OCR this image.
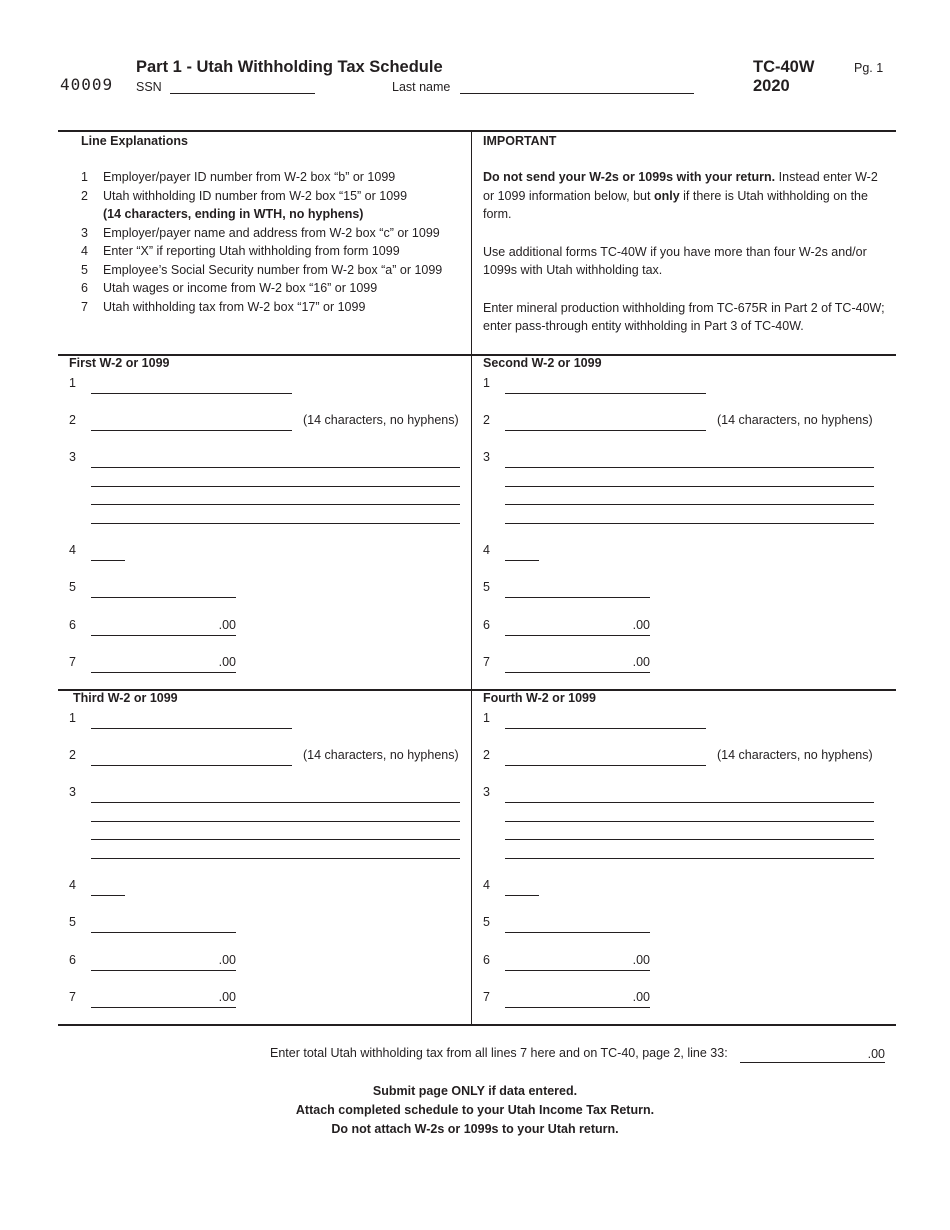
Part 1 - Utah Withholding Tax Schedule
40009 SSN	Last name
TC-40W
2020
Pg. 1
Line Explanations
1	Employer/payer ID number from W-2 box “b” or 1099
2	Utah withholding ID number from W-2 box “15” or 1099
(14 characters, ending in WTH, no hyphens)
3	Employer/payer name and address from W-2 box “c” or 1099
4	Enter “X” if reporting Utah withholding from form 1099
5	Employee’s Social Security number from W-2 box “a” or 1099
6	Utah wages or income from W-2 box “16” or 1099
7	Utah withholding tax from W-2 box “17” or 1099
IMPORTANT

Do not send your W-2s or 1099s with your return. Instead enter W-2 or 1099 information below, but only if there is Utah withholding on the form.

Use additional forms TC-40W if you have more than four W-2s and/or 1099s with Utah withholding tax.

Enter mineral production withholding from TC-675R in Part 2 of TC-40W; enter pass-through entity withholding in Part 3 of TC-40W.

First W-2 or 1099
1
2	(14 characters, no hyphens)
3
4
5
6	.00
7	.00
Second W-2 or 1099
1
2	(14 characters, no hyphens)
3
4
5
6	.00
7	.00
Third W-2 or 1099
1
2	(14 characters, no hyphens)
3
4
5
6	.00
7	.00
Fourth W-2 or 1099
1
2	(14 characters, no hyphens)
3
4
5
6	.00
7	.00
Enter total Utah withholding tax from all lines 7 here and on TC-40, page 2, line 33:	.00
Submit page ONLY if data entered.
Attach completed schedule to your Utah Income Tax Return.
Do not attach W-2s or 1099s to your Utah return.
